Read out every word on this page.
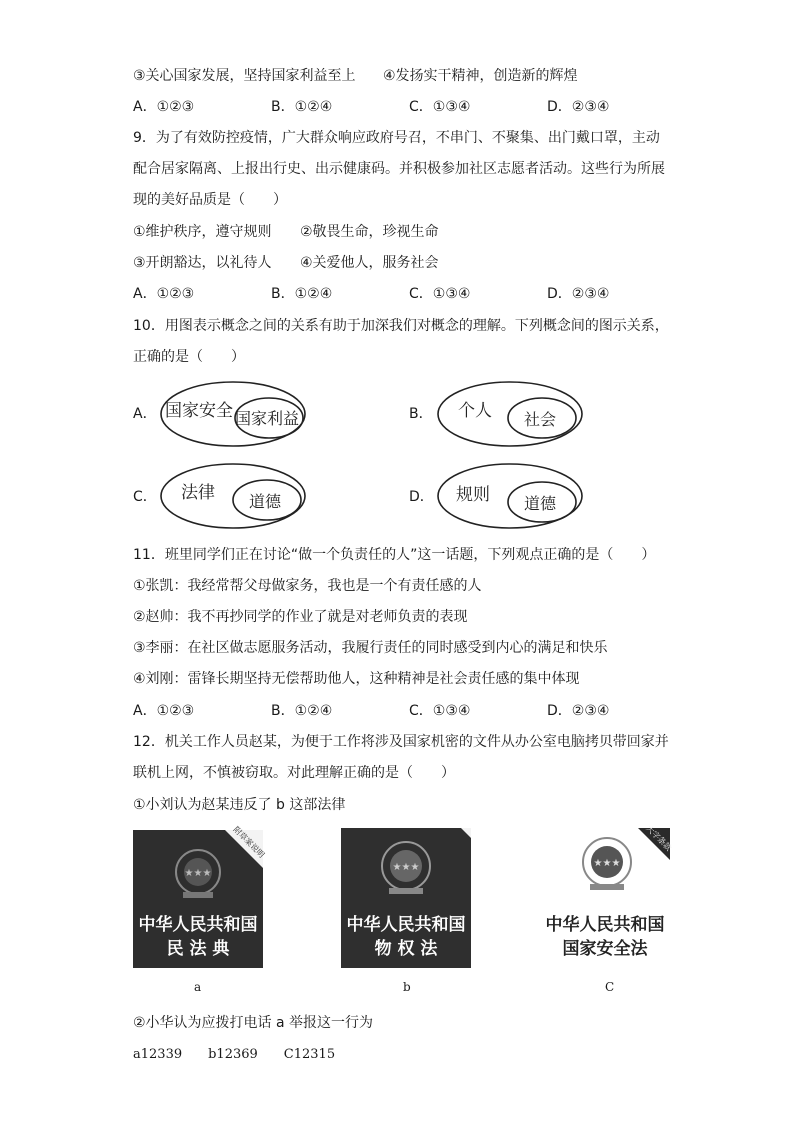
③关心国家发展，坚持国家利益至上 ④发扬实干精神，创造新的辉煌
A．①②③	B．①②④	C．①③④	D．②③④
9．为了有效防控疫情，广大群众响应政府号召，不串门、不聚集、出门戴口罩，主动
配合居家隔离、上报出行史、出示健康码。并积极参加社区志愿者活动。这些行为所展
现的美好品质是（　　）
①维护秩序，遵守规则 ②敬畏生命，珍视生命
③开朗豁达，以礼待人 ④关爱他人，服务社会
A．①②③	B．①②④	C．①③④	D．②③④
10．用图表示概念之间的关系有助于加深我们对概念的理解。下列概念间的图示关系，
正确的是（　　）
A． 国家安全 国家利益	B． 个人 社会
C． 法律 道德	D． 规则 道德
11．班里同学们正在讨论“做一个负责任的人”这一话题，下列观点正确的是（　　）
①张凯：我经常帮父母做家务，我也是一个有责任感的人
②赵帅：我不再抄同学的作业了就是对老师负责的表现
③李丽：在社区做志愿服务活动，我履行责任的同时感受到内心的满足和快乐
④刘刚：雷锋长期坚持无偿帮助他人，这种精神是社会责任感的集中体现
A．①②③	B．①②④	C．①③④	D．②③④
12．机关工作人员赵某，为便于工作将涉及国家机密的文件从办公室电脑拷贝带回家并
联机上网，不慎被窃取。对此理解正确的是（　　）
①小刘认为赵某违反了 b 这部法律
附草案说明
★★★
中华人民共和国
民 法 典
a
★★★
中华人民共和国
物 权 法
b
大字条款
★★★
中华人民共和国
国家安全法
C
②小华认为应拨打电话 a 举报这一行为
a12339　　b12369　　C12315
